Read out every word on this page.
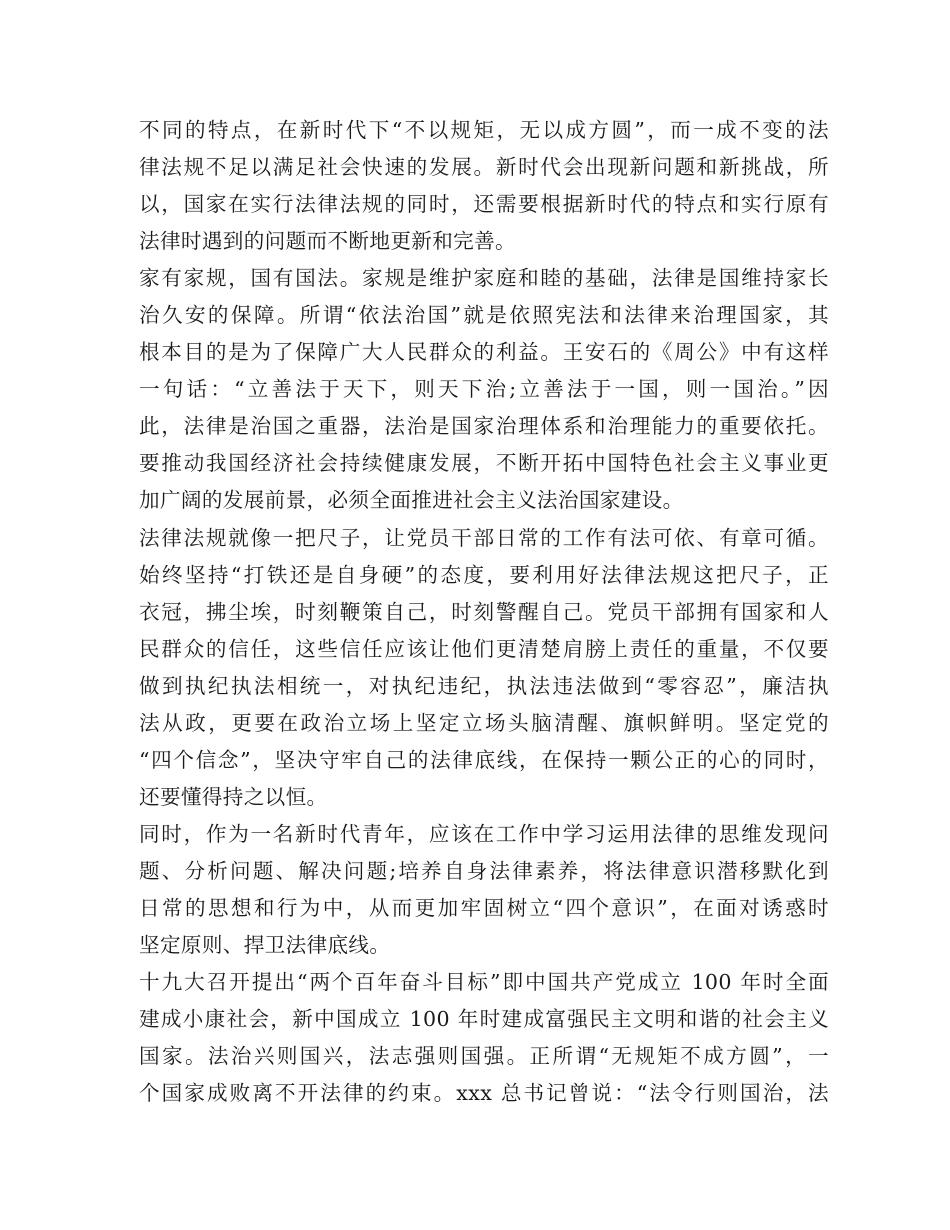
不同的特点，在新时代下“不以规矩，无以成方圆”，而一成不变的法
律法规不足以满足社会快速的发展。新时代会出现新问题和新挑战，所
以，国家在实行法律法规的同时，还需要根据新时代的特点和实行原有
法律时遇到的问题而不断地更新和完善。
家有家规，国有国法。家规是维护家庭和睦的基础，法律是国维持家长
治久安的保障。所谓“依法治国”就是依照宪法和法律来治理国家，其
根本目的是为了保障广大人民群众的利益。王安石的《周公》中有这样
一句话：“立善法于天下，则天下治;立善法于一国，则一国治。”因
此，法律是治国之重器，法治是国家治理体系和治理能力的重要依托。
要推动我国经济社会持续健康发展，不断开拓中国特色社会主义事业更
加广阔的发展前景，必须全面推进社会主义法治国家建设。
法律法规就像一把尺子，让党员干部日常的工作有法可依、有章可循。
始终坚持“打铁还是自身硬”的态度，要利用好法律法规这把尺子，正
衣冠，拂尘埃，时刻鞭策自己，时刻警醒自己。党员干部拥有国家和人
民群众的信任，这些信任应该让他们更清楚肩膀上责任的重量，不仅要
做到执纪执法相统一，对执纪违纪，执法违法做到“零容忍”，廉洁执
法从政，更要在政治立场上坚定立场头脑清醒、旗帜鲜明。坚定党的
“四个信念”，坚决守牢自己的法律底线，在保持一颗公正的心的同时，
还要懂得持之以恒。
同时，作为一名新时代青年，应该在工作中学习运用法律的思维发现问
题、分析问题、解决问题;培养自身法律素养，将法律意识潜移默化到
日常的思想和行为中，从而更加牢固树立“四个意识”，在面对诱惑时
坚定原则、捍卫法律底线。
十九大召开提出“两个百年奋斗目标”即中国共产党成立 100 年时全面
建成小康社会，新中国成立 100 年时建成富强民主文明和谐的社会主义
国家。法治兴则国兴，法志强则国强。正所谓“无规矩不成方圆”，一
个国家成败离不开法律的约束。xxx 总书记曾说：“法令行则国治，法
